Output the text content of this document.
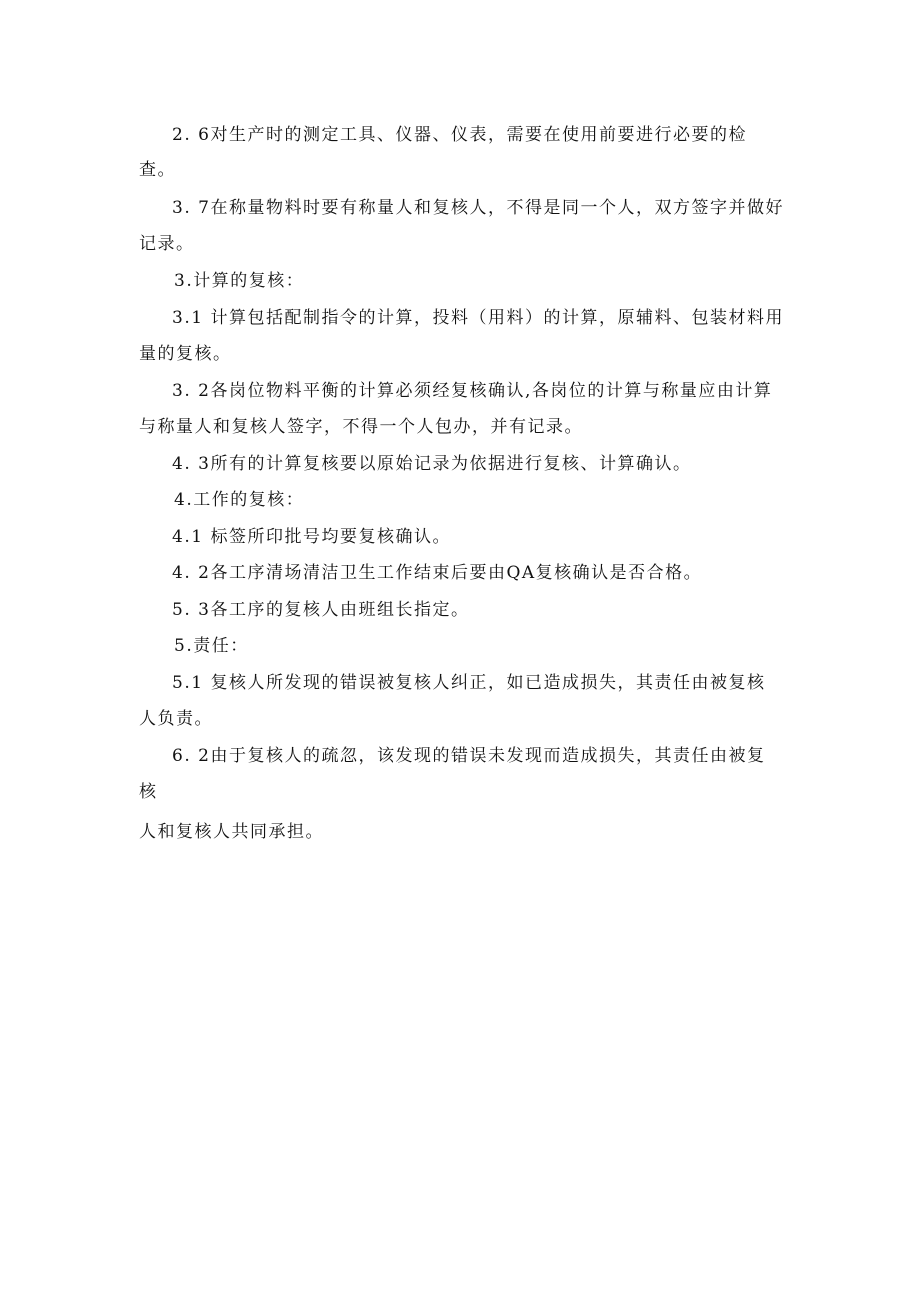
2. 6对生产时的测定工具、仪器、仪表，需要在使用前要进行必要的检
查。
3. 7在称量物料时要有称量人和复核人，不得是同一个人，双方签字并做好
记录。
3.计算的复核：
3.1 计算包括配制指令的计算，投料（用料）的计算，原辅料、包装材料用
量的复核。
3. 2各岗位物料平衡的计算必须经复核确认,各岗位的计算与称量应由计算
与称量人和复核人签字，不得一个人包办，并有记录。
4. 3所有的计算复核要以原始记录为依据进行复核、计算确认。
4.工作的复核：
4.1 标签所印批号均要复核确认。
4. 2各工序清场清洁卫生工作结束后要由QA复核确认是否合格。
5. 3各工序的复核人由班组长指定。
5.责任：
5.1 复核人所发现的错误被复核人纠正，如已造成损失，其责任由被复核
人负责。
6. 2由于复核人的疏忽，该发现的错误未发现而造成损失，其责任由被复
核
人和复核人共同承担。
